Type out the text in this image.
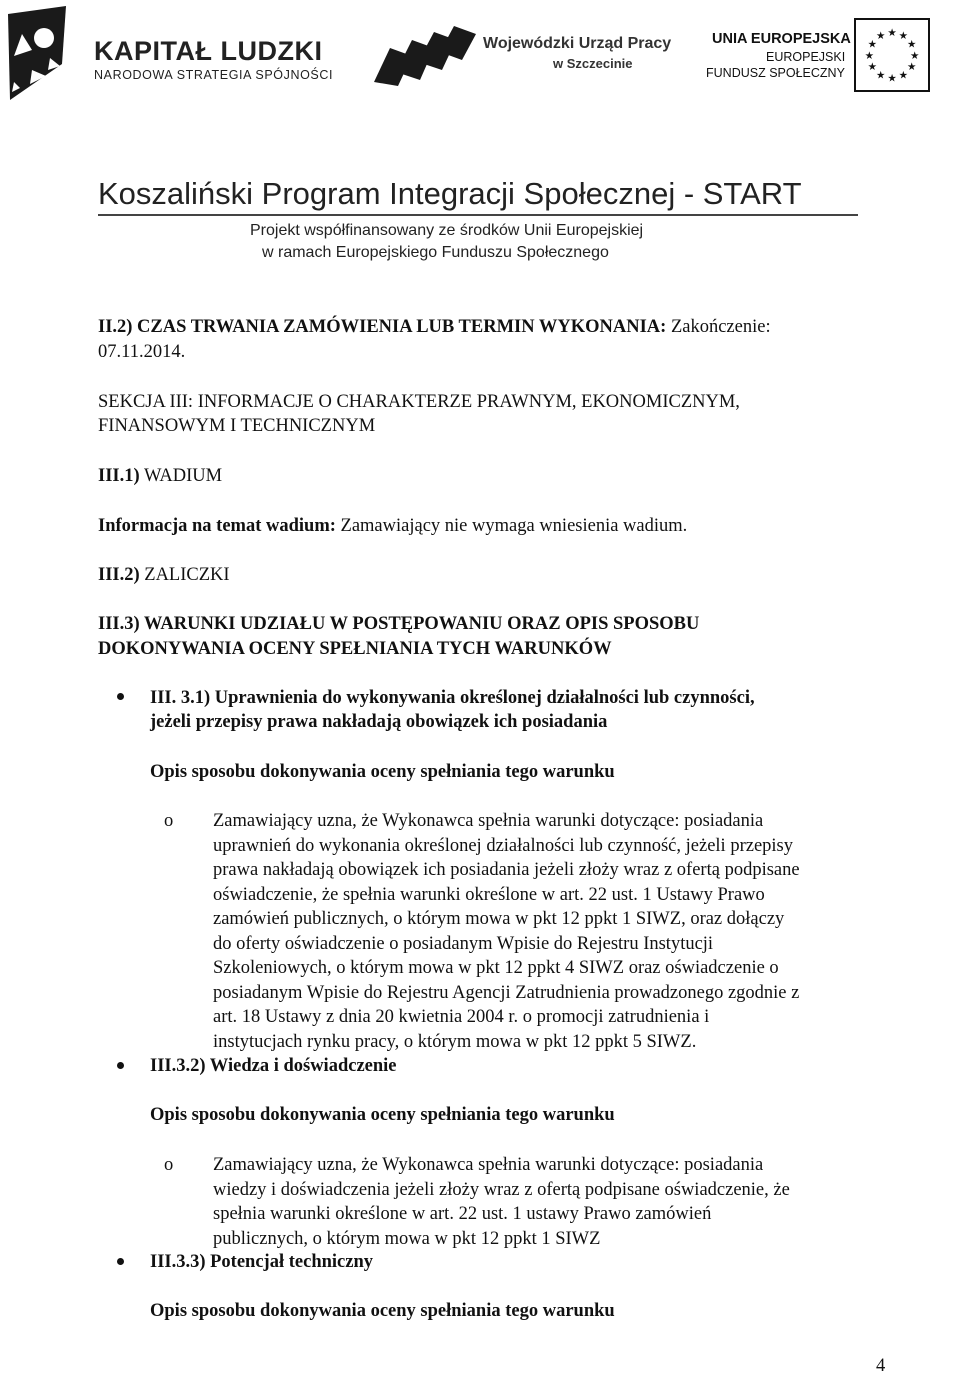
KAPITAŁ LUDZKI
NARODOWA STRATEGIA SPÓJNOŚCI
Wojewódzki Urząd Pracy
w Szczecinie
UNIA EUROPEJSKA
EUROPEJSKI
FUNDUSZ SPOŁECZNY
★
★
★
★
★
★
★
★
★ ★ ★
★
Koszaliński Program Integracji Społecznej - START
Projekt współfinansowany ze środków Unii Europejskiej
w ramach Europejskiego Funduszu Społecznego

II.2) CZAS TRWANIA ZAMÓWIENIA LUB TERMIN WYKONANIA: Zakończenie:

07.11.2014.

SEKCJA III: INFORMACJE O CHARAKTERZE PRAWNYM, EKONOMICZNYM,

FINANSOWYM I TECHNICZNYM

III.1) WADIUM

Informacja na temat wadium: Zamawiający nie wymaga wniesienia wadium.

III.2) ZALICZKI

III.3) WARUNKI UDZIAŁU W POSTĘPOWANIU ORAZ OPIS SPOSOBU

DOKONYWANIA OCENY SPEŁNIANIA TYCH WARUNKÓW

III. 3.1) Uprawnienia do wykonywania określonej działalności lub czynności,

jeżeli przepisy prawa nakładają obowiązek ich posiadania

Opis sposobu dokonywania oceny spełniania tego warunku

o Zamawiający uzna, że Wykonawca spełnia warunki dotyczące: posiadania
uprawnień do wykonania określonej działalności lub czynność, jeżeli przepisy
prawa nakładają obowiązek ich posiadania jeżeli złoży wraz z ofertą podpisane
oświadczenie, że spełnia warunki określone w art. 22 ust. 1 Ustawy Prawo
zamówień publicznych, o którym mowa w pkt 12 ppkt 1 SIWZ, oraz dołączy
do oferty oświadczenie o posiadanym Wpisie do Rejestru Instytucji
Szkoleniowych, o którym mowa w pkt 12 ppkt 4 SIWZ oraz oświadczenie o
posiadanym Wpisie do Rejestru Agencji Zatrudnienia prowadzonego zgodnie z
art. 18 Ustawy z dnia 20 kwietnia 2004 r. o promocji zatrudnienia i
instytucjach rynku pracy, o którym mowa w pkt 12 ppkt 5 SIWZ.

III.3.2) Wiedza i doświadczenie

Opis sposobu dokonywania oceny spełniania tego warunku

o Zamawiający uzna, że Wykonawca spełnia warunki dotyczące: posiadania
wiedzy i doświadczenia jeżeli złoży wraz z ofertą podpisane oświadczenie, że
spełnia warunki określone w art. 22 ust. 1 ustawy Prawo zamówień
publicznych, o którym mowa w pkt 12 ppkt 1 SIWZ

III.3.3) Potencjał techniczny

Opis sposobu dokonywania oceny spełniania tego warunku

4
